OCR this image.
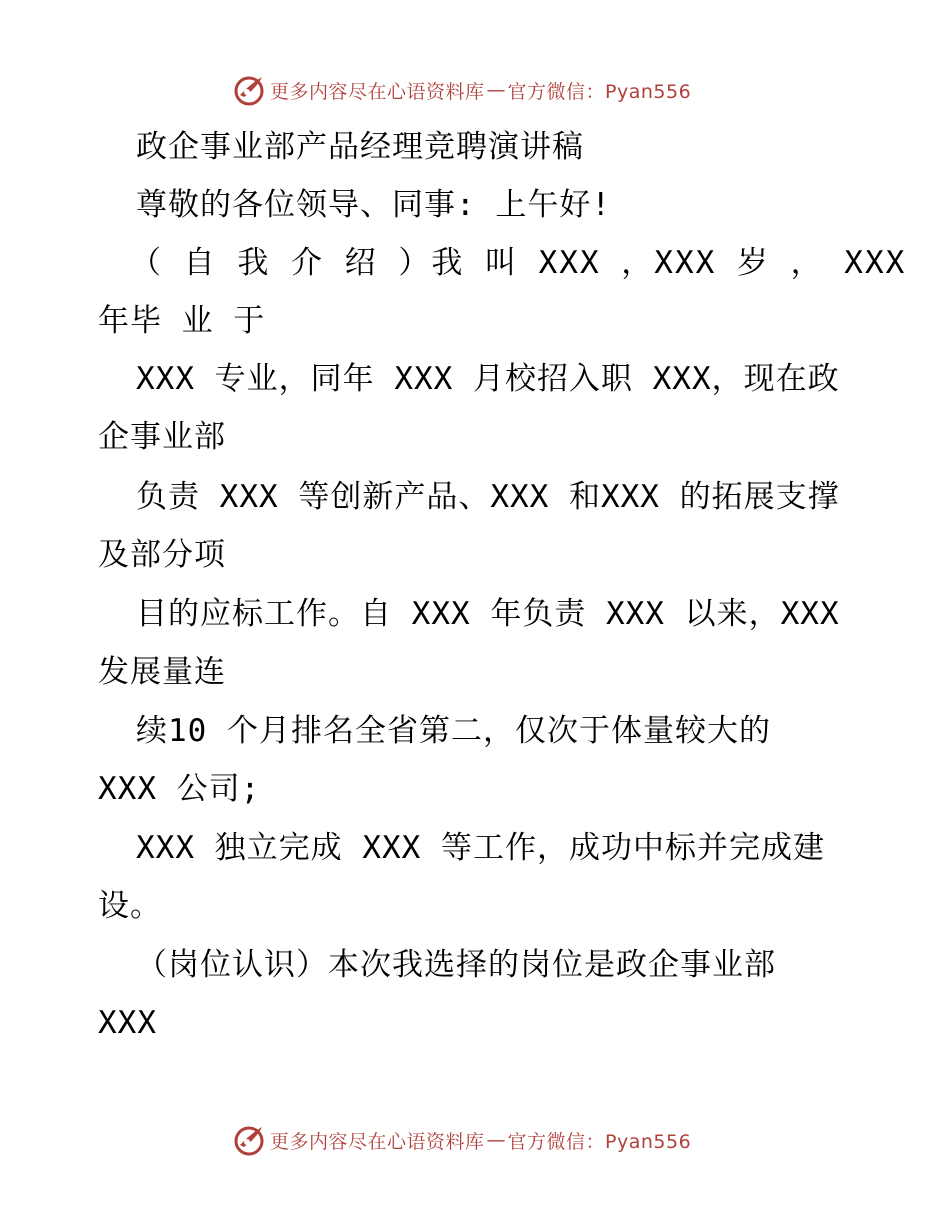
更多内容尽在心语资料库 — 官方微信：Pyan556
政企事业部产品经理竞聘演讲稿
尊敬的各位领导、同事: 上午好!
（ 自 我 介 绍 ）我 叫 XXX ，XXX 岁 ， XXX
年毕 业 于
XXX 专业，同年 XXX 月校招入职 XXX，现在政
企事业部
负责 XXX 等创新产品、XXX 和XXX 的拓展支撑
及部分项
目的应标工作。自 XXX 年负责 XXX 以来，XXX
发展量连
续10 个月排名全省第二，仅次于体量较大的
XXX 公司;
XXX 独立完成 XXX 等工作，成功中标并完成建
设。
（岗位认识）本次我选择的岗位是政企事业部
XXX
更多内容尽在心语资料库 — 官方微信：Pyan556
